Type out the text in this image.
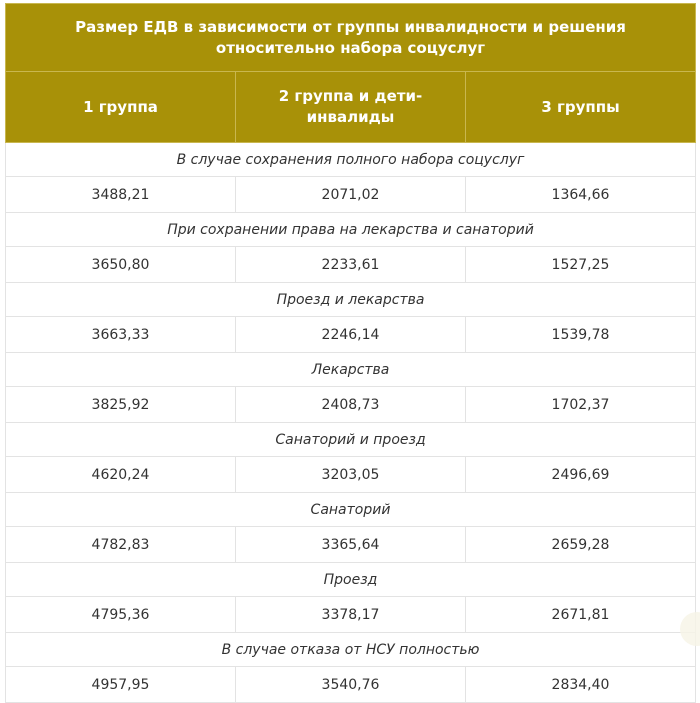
Размер ЕДВ в зависимости от группы инвалидности и решения относительно набора соцуслуг		
1 группа	2 группа и дети-инвалиды	3 группы
В случае сохранения полного набора соцуслуг		
3488,21	2071,02	1364,66
При сохранении права на лекарства и санаторий		
3650,80	2233,61	1527,25
Проезд и лекарства		
3663,33	2246,14	1539,78
Лекарства		
3825,92	2408,73	1702,37
Санаторий и проезд		
4620,24	3203,05	2496,69
Санаторий		
4782,83	3365,64	2659,28
Проезд		
4795,36	3378,17	2671,81
В случае отказа от НСУ полностью		
4957,95	3540,76	2834,40
